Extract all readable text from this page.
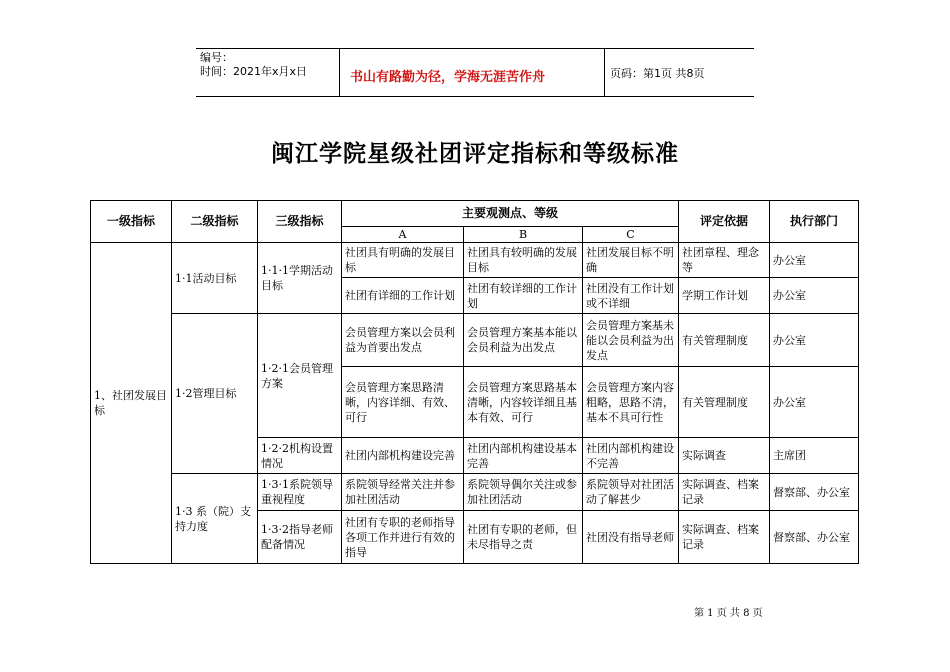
编号：
时间：2021年x月x日	书山有路勤为径，学海无涯苦作舟	页码：第1页 共8页
闽江学院星级社团评定指标和等级标准
一级指标	二级指标	三级指标	主要观测点、等级			评定依据	执行部门
			A	B	C		
1、社团发展目标	1·1活动目标	1·1·1学期活动目标	社团具有明确的发展目标	社团具有较明确的发展目标	社团发展目标不明确	社团章程、理念等	办公室
			社团有详细的工作计划	社团有较详细的工作计划	社团没有工作计划或不详细	学期工作计划	办公室
	1·2管理目标	1·2·1会员管理方案	会员管理方案以会员利益为首要出发点	会员管理方案基本能以会员利益为出发点	会员管理方案基未能以会员利益为出发点	有关管理制度	办公室
			会员管理方案思路清晰，内容详细、有效、可行	会员管理方案思路基本清晰，内容较详细且基本有效、可行	会员管理方案内容粗略，思路不清，基本不具可行性	有关管理制度	办公室
		1·2·2机构设置情况	社团内部机构建设完善	社团内部机构建设基本完善	社团内部机构建设不完善	实际调查	主席团
	1·3 系（院）支持力度	1·3·1系院领导重视程度	系院领导经常关注并参加社团活动	系院领导偶尔关注或参加社团活动	系院领导对社团活动了解甚少	实际调查、档案记录	督察部、办公室
		1·3·2指导老师配备情况	社团有专职的老师指导各项工作并进行有效的指导	社团有专职的老师，但未尽指导之责	社团没有指导老师	实际调查、档案记录	督察部、办公室
第 1 页 共 8 页
